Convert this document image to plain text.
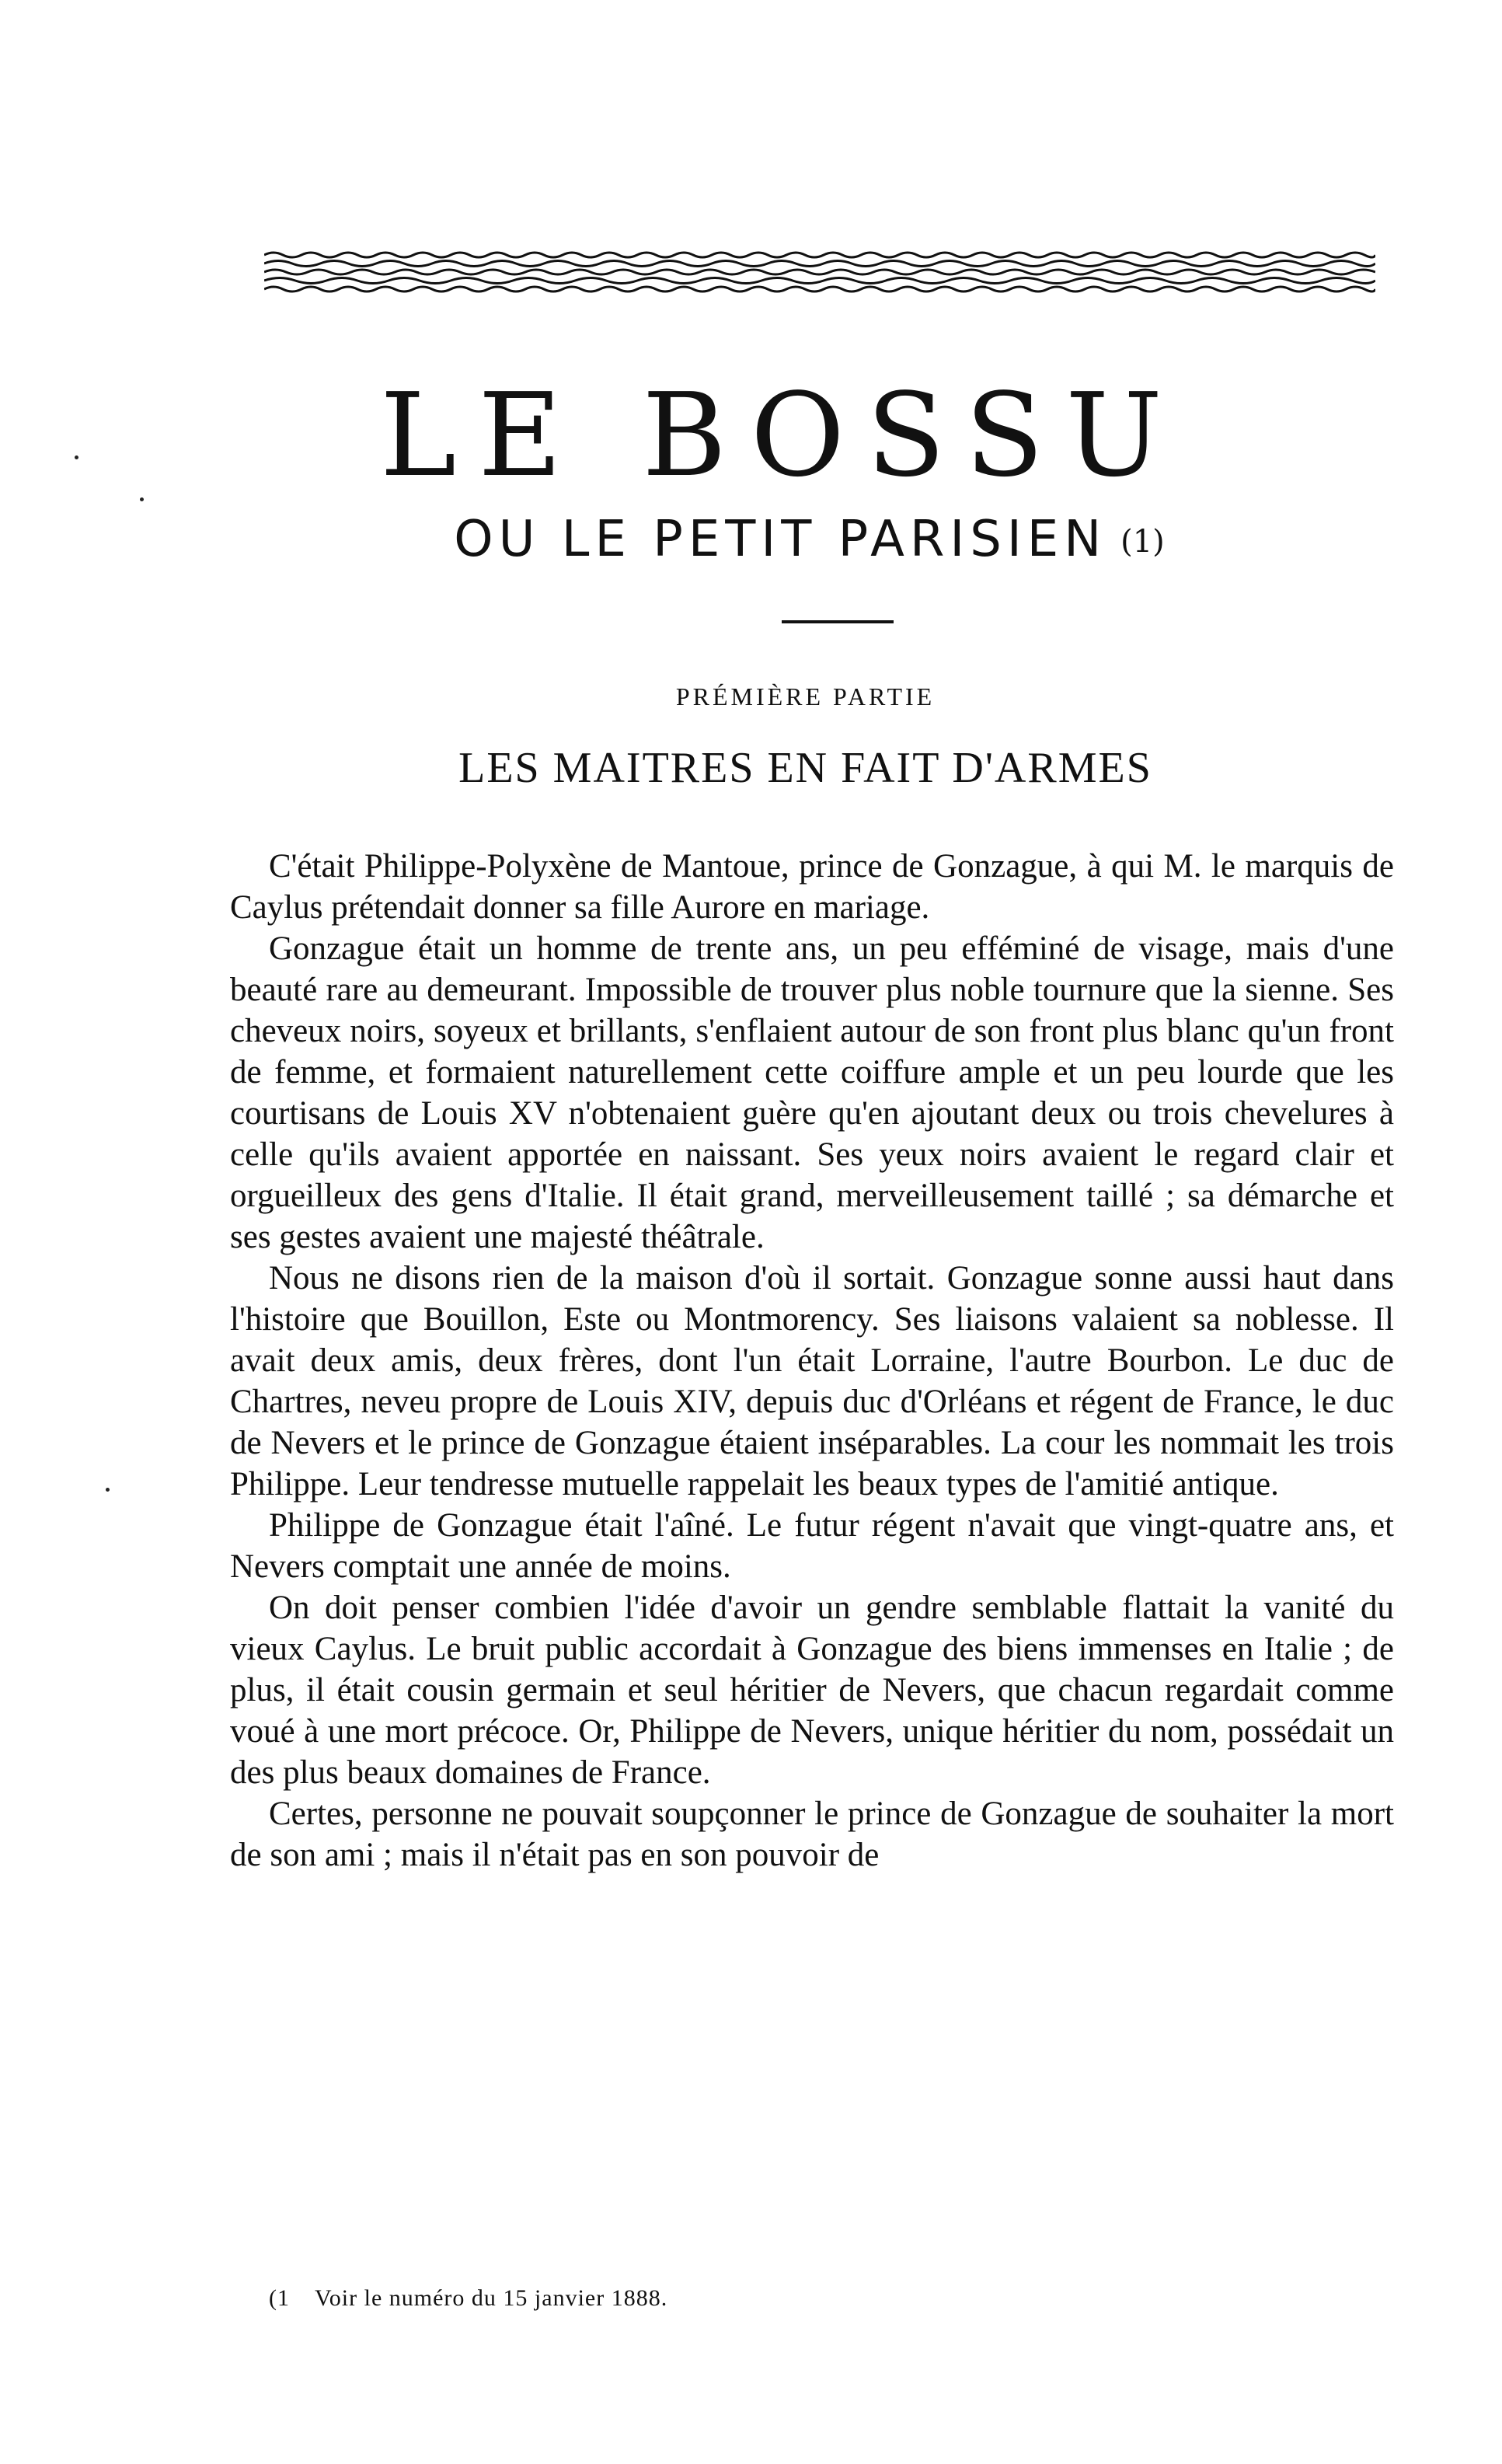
LE BOSSU
OU LE PETIT PARISIEN (1)
PRÉMIÈRE PARTIE
LES MAITRES EN FAIT D'ARMES

C'était Philippe-Polyxène de Mantoue, prince de Gonzague, à qui M. le marquis de Caylus prétendait donner sa fille Aurore en mariage.

Gonzague était un homme de trente ans, un peu efféminé de visage, mais d'une beauté rare au demeurant. Impossible de trouver plus noble tournure que la sienne. Ses cheveux noirs, soyeux et brillants, s'enflaient autour de son front plus blanc qu'un front de femme, et formaient naturellement cette coiffure ample et un peu lourde que les courtisans de Louis XV n'obtenaient guère qu'en ajoutant deux ou trois chevelures à celle qu'ils avaient apportée en naissant. Ses yeux noirs avaient le regard clair et orgueilleux des gens d'Italie. Il était grand, merveilleusement taillé ; sa démarche et ses gestes avaient une majesté théâtrale.

Nous ne disons rien de la maison d'où il sortait. Gonzague sonne aussi haut dans l'histoire que Bouillon, Este ou Montmorency. Ses liaisons valaient sa noblesse. Il avait deux amis, deux frères, dont l'un était Lorraine, l'autre Bourbon. Le duc de Chartres, neveu propre de Louis XIV, depuis duc d'Orléans et régent de France, le duc de Nevers et le prince de Gonzague étaient inséparables. La cour les nommait les trois Philippe. Leur tendresse mutuelle rappelait les beaux types de l'amitié antique.

Philippe de Gonzague était l'aîné. Le futur régent n'avait que vingt-quatre ans, et Nevers comptait une année de moins.

On doit penser combien l'idée d'avoir un gendre semblable flattait la vanité du vieux Caylus. Le bruit public accordait à Gonzague des biens immenses en Italie ; de plus, il était cousin germain et seul héritier de Nevers, que chacun regardait comme voué à une mort précoce. Or, Philippe de Nevers, unique héritier du nom, possédait un des plus beaux domaines de France.

Certes, personne ne pouvait soupçonner le prince de Gonzague de souhaiter la mort de son ami ; mais il n'était pas en son pouvoir de

(1 Voir le numéro du 15 janvier 1888.
